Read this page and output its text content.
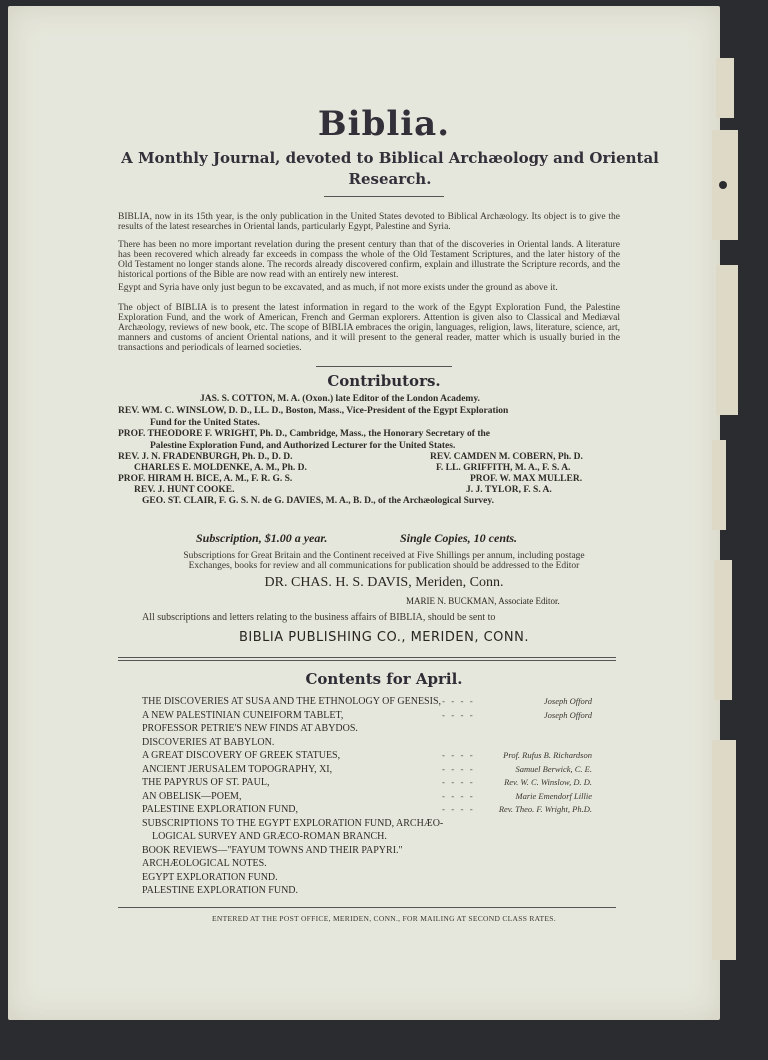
Biblia.
A Monthly Journal, devoted to Biblical Archæology and Oriental Research.

BIBLIA, now in its 15th year, is the only publication in the United States devoted to Biblical Archæology. Its object is to give the results of the latest researches in Oriental lands, particularly Egypt, Palestine and Syria.

There has been no more important revelation during the present century than that of the discoveries in Oriental lands. A literature has been recovered which already far exceeds in compass the whole of the Old Testament Scriptures, and the later history of the Old Testament no longer stands alone. The records already discovered confirm, explain and illustrate the Scripture records, and the historical portions of the Bible are now read with an entirely new interest.

Egypt and Syria have only just begun to be excavated, and as much, if not more exists under the ground as above it.

The object of BIBLIA is to present the latest information in regard to the work of the Egypt Exploration Fund, the Palestine Exploration Fund, and the work of American, French and German explorers. Attention is given also to Classical and Mediæval Archæology, reviews of new book, etc. The scope of BIBLIA embraces the origin, languages, religion, laws, literature, science, art, manners and customs of ancient Oriental nations, and it will present to the general reader, matter which is usually buried in the transactions and periodicals of learned societies.

Contributors.
JAS. S. COTTON, M. A. (Oxon.) late Editor of the London Academy.
REV. WM. C. WINSLOW, D. D., LL. D., Boston, Mass., Vice-President of the Egypt Exploration
Fund for the United States.
PROF. THEODORE F. WRIGHT, Ph. D., Cambridge, Mass., the Honorary Secretary of the
Palestine Exploration Fund, and Authorized Lecturer for the United States.
REV. J. N. FRADENBURGH, Ph. D., D. D.	REV. CAMDEN M. COBERN, Ph. D.
CHARLES E. MOLDENKE, A. M., Ph. D.	F. LL. GRIFFITH, M. A., F. S. A.
PROF. HIRAM H. BICE, A. M., F. R. G. S.	PROF. W. MAX MULLER.
REV. J. HUNT COOKE.	J. J. TYLOR, F. S. A.
GEO. ST. CLAIR, F. G. S. N. de G. DAVIES, M. A., B. D., of the Archæological Survey.
Subscription, $1.00 a year.	Single Copies, 10 cents.
Subscriptions for Great Britain and the Continent received at Five Shillings per annum, including postage
Exchanges, books for review and all communications for publication should be addressed to the Editor
DR. CHAS. H. S. DAVIS, Meriden, Conn.
MARIE N. BUCKMAN, Associate Editor.
All subscriptions and letters relating to the business affairs of BIBLIA, should be sent to
BIBLIA PUBLISHING CO., MERIDEN, CONN.
Contents for April.
THE DISCOVERIES AT SUSA AND THE ETHNOLOGY OF GENESIS, - - - -	Joseph Offord
A NEW PALESTINIAN CUNEIFORM TABLET,	- - - -	Joseph Offord
PROFESSOR PETRIE'S NEW FINDS AT ABYDOS.
DISCOVERIES AT BABYLON.
A GREAT DISCOVERY OF GREEK STATUES,	- - - -	Prof. Rufus B. Richardson
ANCIENT JERUSALEM TOPOGRAPHY, XI,	- - - -	Samuel Berwick, C. E.
THE PAPYRUS OF ST. PAUL,	- - - -	Rev. W. C. Winslow, D. D.
AN OBELISK—POEM,	- - - -	Marie Emendorf Lillie
PALESTINE EXPLORATION FUND,	- - - -	Rev. Theo. F. Wright, Ph.D.
SUBSCRIPTIONS TO THE EGYPT EXPLORATION FUND, ARCHÆO-
LOGICAL SURVEY AND GRÆCO-ROMAN BRANCH.
BOOK REVIEWS—"FAYUM TOWNS AND THEIR PAPYRI."
ARCHÆOLOGICAL NOTES.
EGYPT EXPLORATION FUND.
PALESTINE EXPLORATION FUND.
ENTERED AT THE POST OFFICE, MERIDEN, CONN., FOR MAILING AT SECOND CLASS RATES.
